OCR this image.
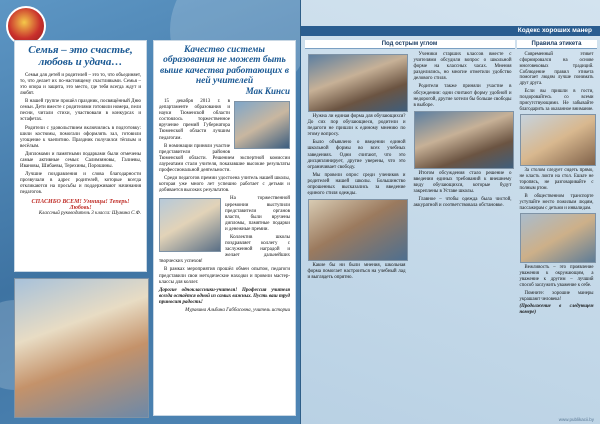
Семья – это счастье, любовь и удача…

Семья для детей и родителей – это то, что объединяет, то, что делает их по-настоящему счастливыми. Семья – это опора и защита, это место, где тебя всегда ждут и любят.

В нашей группе прошёл праздник, посвящённый Дню семьи. Дети вместе с родителями готовили номера, пели песни, читали стихи, участвовали в конкурсах и эстафетах.

Родители с удовольствием включились в подготовку: шили костюмы, помогали оформлять зал, готовили угощение к чаепитию. Праздник получился тёплым и весёлым.

Дипломами и памятными подарками были отмечены самые активные семьи: Салимзяновы, Галиевы, Ивановы, Шибаевы, Терехины, Порошины.

Лучшие поздравления и слова благодарности прозвучали в адрес родителей, которые всегда откликаются на просьбы и поддерживают начинания педагогов.

СПАСИБО ВСЕМ! Умницы! Теперь! Любовь!
Классный руководитель 3 класса: Шумина С.Ф.
Качество системы образования не может быть выше качества работающих в ней учителей
Мак Кинси

15 декабря 2013 г. в департаменте образования и науки Тюменской области состоялось торжественное вручение премий Губернатора Тюменской области лучшим педагогам.

В номинации приняли участие представители районов Тюменской области. Решением экспертной комиссии лауреатами стали учителя, показавшие высокие результаты профессиональной деятельности.

Среди педагогов премии удостоена учитель нашей школы, которая уже много лет успешно работает с детьми и добивается высоких результатов.

На торжественной церемонии выступили представители органов власти, были вручены дипломы, памятные подарки и денежные премии.

Коллектив школы поздравляет коллегу с заслуженной наградой и желает дальнейших творческих успехов!

В рамках мероприятия прошёл обмен опытом, педагоги представили свои методические находки и провели мастер-классы для коллег.

Дорогие одноклассники-учителя! Профессия учителя всегда остаётся одной из самых важных. Пусть ваш труд приносит радость!

Муравина Альбина Габбасовна, учитель истории
Кодекс хороших манер
Под острым углом	Правила этикета

Нужна ли единая форма для обучающихся? До сих пор обучающиеся, родители и педагоги не пришли к единому мнению по этому вопросу.

Было объявлено о введении единой школьной формы во всех учебных заведениях. Одни считают, что это дисциплинирует, другие уверены, что это ограничивает свободу.

Мы провели опрос среди учеников и родителей нашей школы. Большинство опрошенных высказались за введение единого стиля одежды.

Какие бы ни были мнения, школьная форма помогает настроиться на учебный лад и выглядеть опрятно.

Ученики старших классов вместе с учителями обсудили вопрос о школьной форме на классных часах. Мнения разделились, но многие отметили удобство делового стиля.

Родители также приняли участие в обсуждении: одни считают форму удобной и недорогой, другие хотели бы больше свободы в выборе.

Итогом обсуждения стало решение о введении единых требований к внешнему виду обучающихся, которые будут закреплены в Уставе школы.

Главное – чтобы одежда была чистой, аккуратной и соответствовала обстановке.

Современный этикет сформировался на основе многовековых традиций. Соблюдение правил этикета помогает людям лучше понимать друг друга.

Если вы пришли в гости, поздоровайтесь со всеми присутствующими. Не забывайте благодарить за оказанное внимание.

За столом следует сидеть прямо, не класть локти на стол. Ешьте не торопясь, не разговаривайте с полным ртом.

В общественном транспорте уступайте место пожилым людям, пассажирам с детьми и инвалидам.

Вежливость – это проявление уважения к окружающим, а уважение к другим – лучший способ заслужить уважение к себе.

Помните: хорошие манеры украшают человека!

(Продолжение в следующем номере)

www.publikacii.by
